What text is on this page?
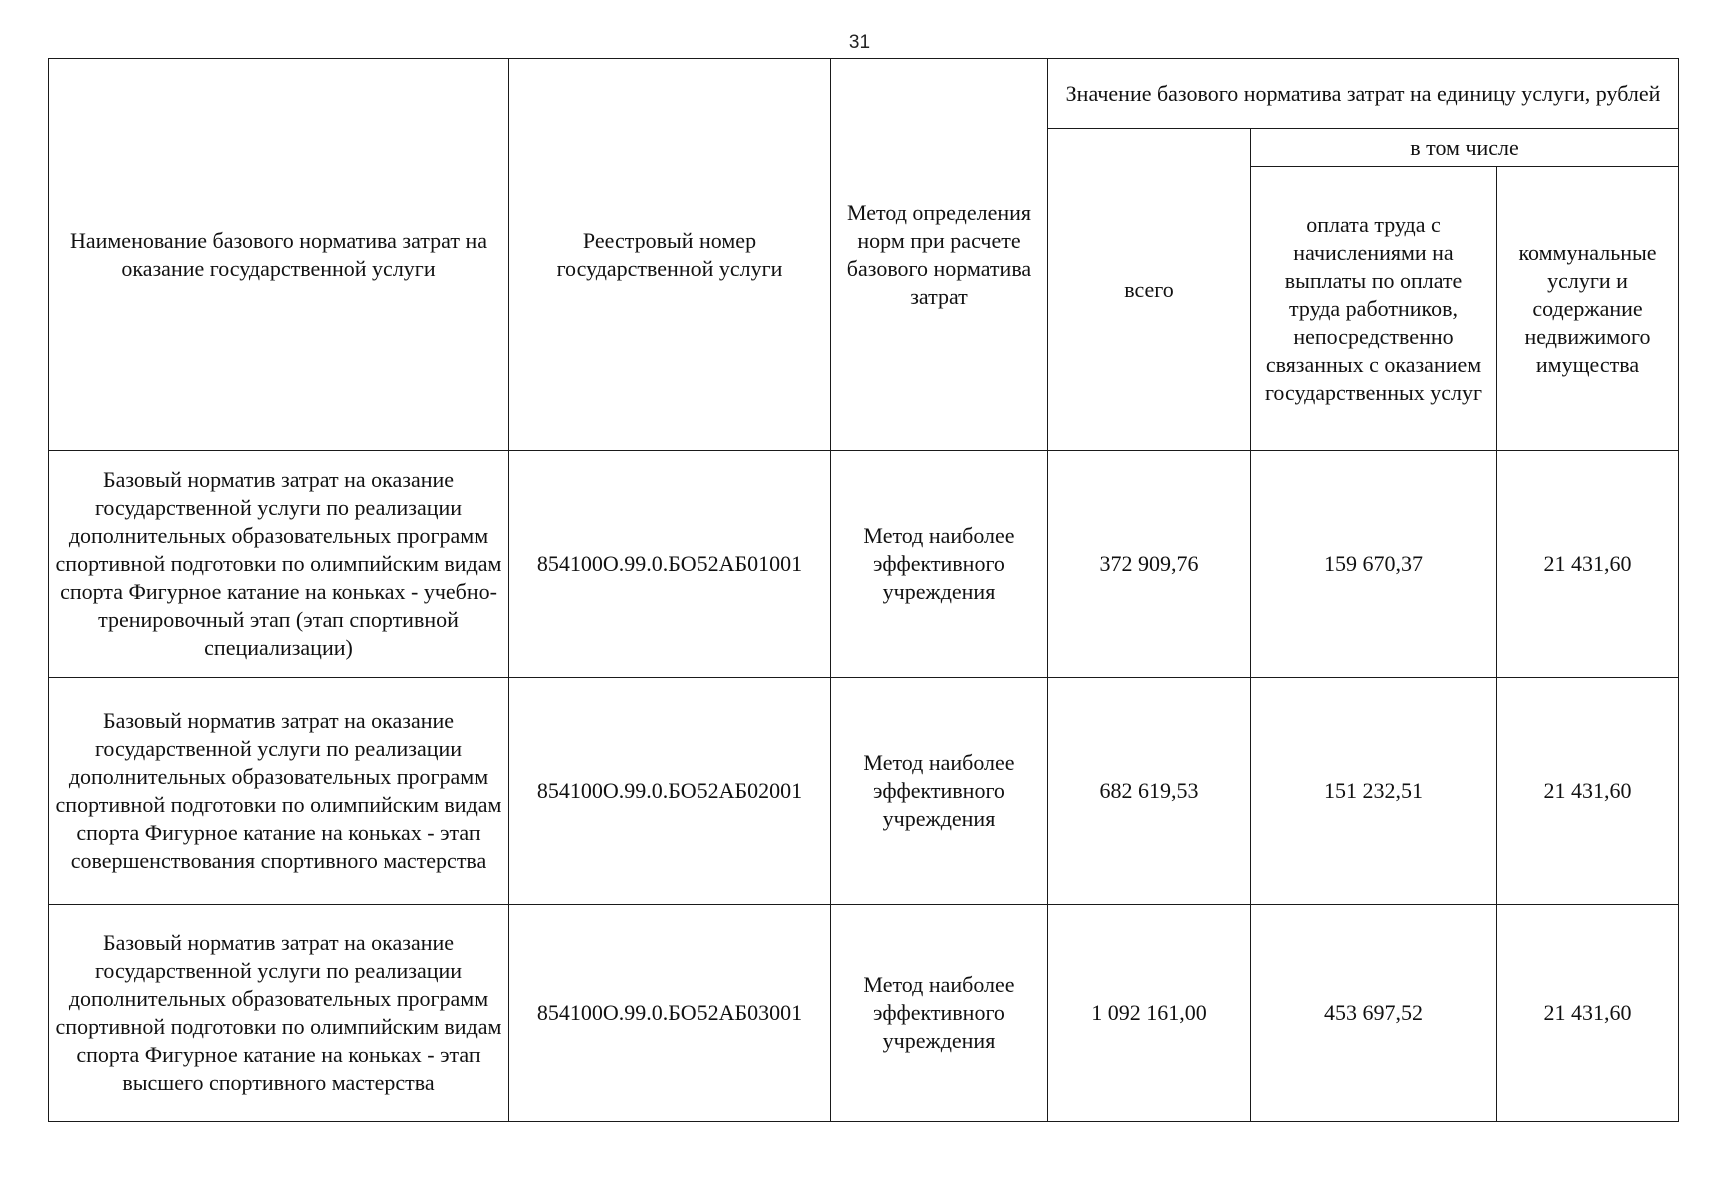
31
Наименование базового норматива затрат на оказание государственной услуги	Реестровый номер государственной услуги	Метод определения норм при расчете базового норматива затрат	Значение базового норматива затрат на единицу услуги, рублей		
			всего	в том числе	
				оплата труда с начислениями на выплаты по оплате труда работников, непосредственно связанных с оказанием государственных услуг	коммунальные услуги и содержание недвижимого имущества
Базовый норматив затрат на оказание государственной услуги по реализации дополнительных образовательных программ спортивной подготовки по олимпийским видам спорта Фигурное катание на коньках - учебно-тренировочный этап (этап спортивной специализации)	854100О.99.0.БО52АБ01001	Метод наиболее эффективного учреждения	372 909,76	159 670,37	21 431,60
Базовый норматив затрат на оказание государственной услуги по реализации дополнительных образовательных программ спортивной подготовки по олимпийским видам спорта Фигурное катание на коньках - этап совершенствования спортивного мастерства	854100О.99.0.БО52АБ02001	Метод наиболее эффективного учреждения	682 619,53	151 232,51	21 431,60
Базовый норматив затрат на оказание государственной услуги по реализации дополнительных образовательных программ спортивной подготовки по олимпийским видам спорта Фигурное катание на коньках - этап высшего спортивного мастерства	854100О.99.0.БО52АБ03001	Метод наиболее эффективного учреждения	1 092 161,00	453 697,52	21 431,60
